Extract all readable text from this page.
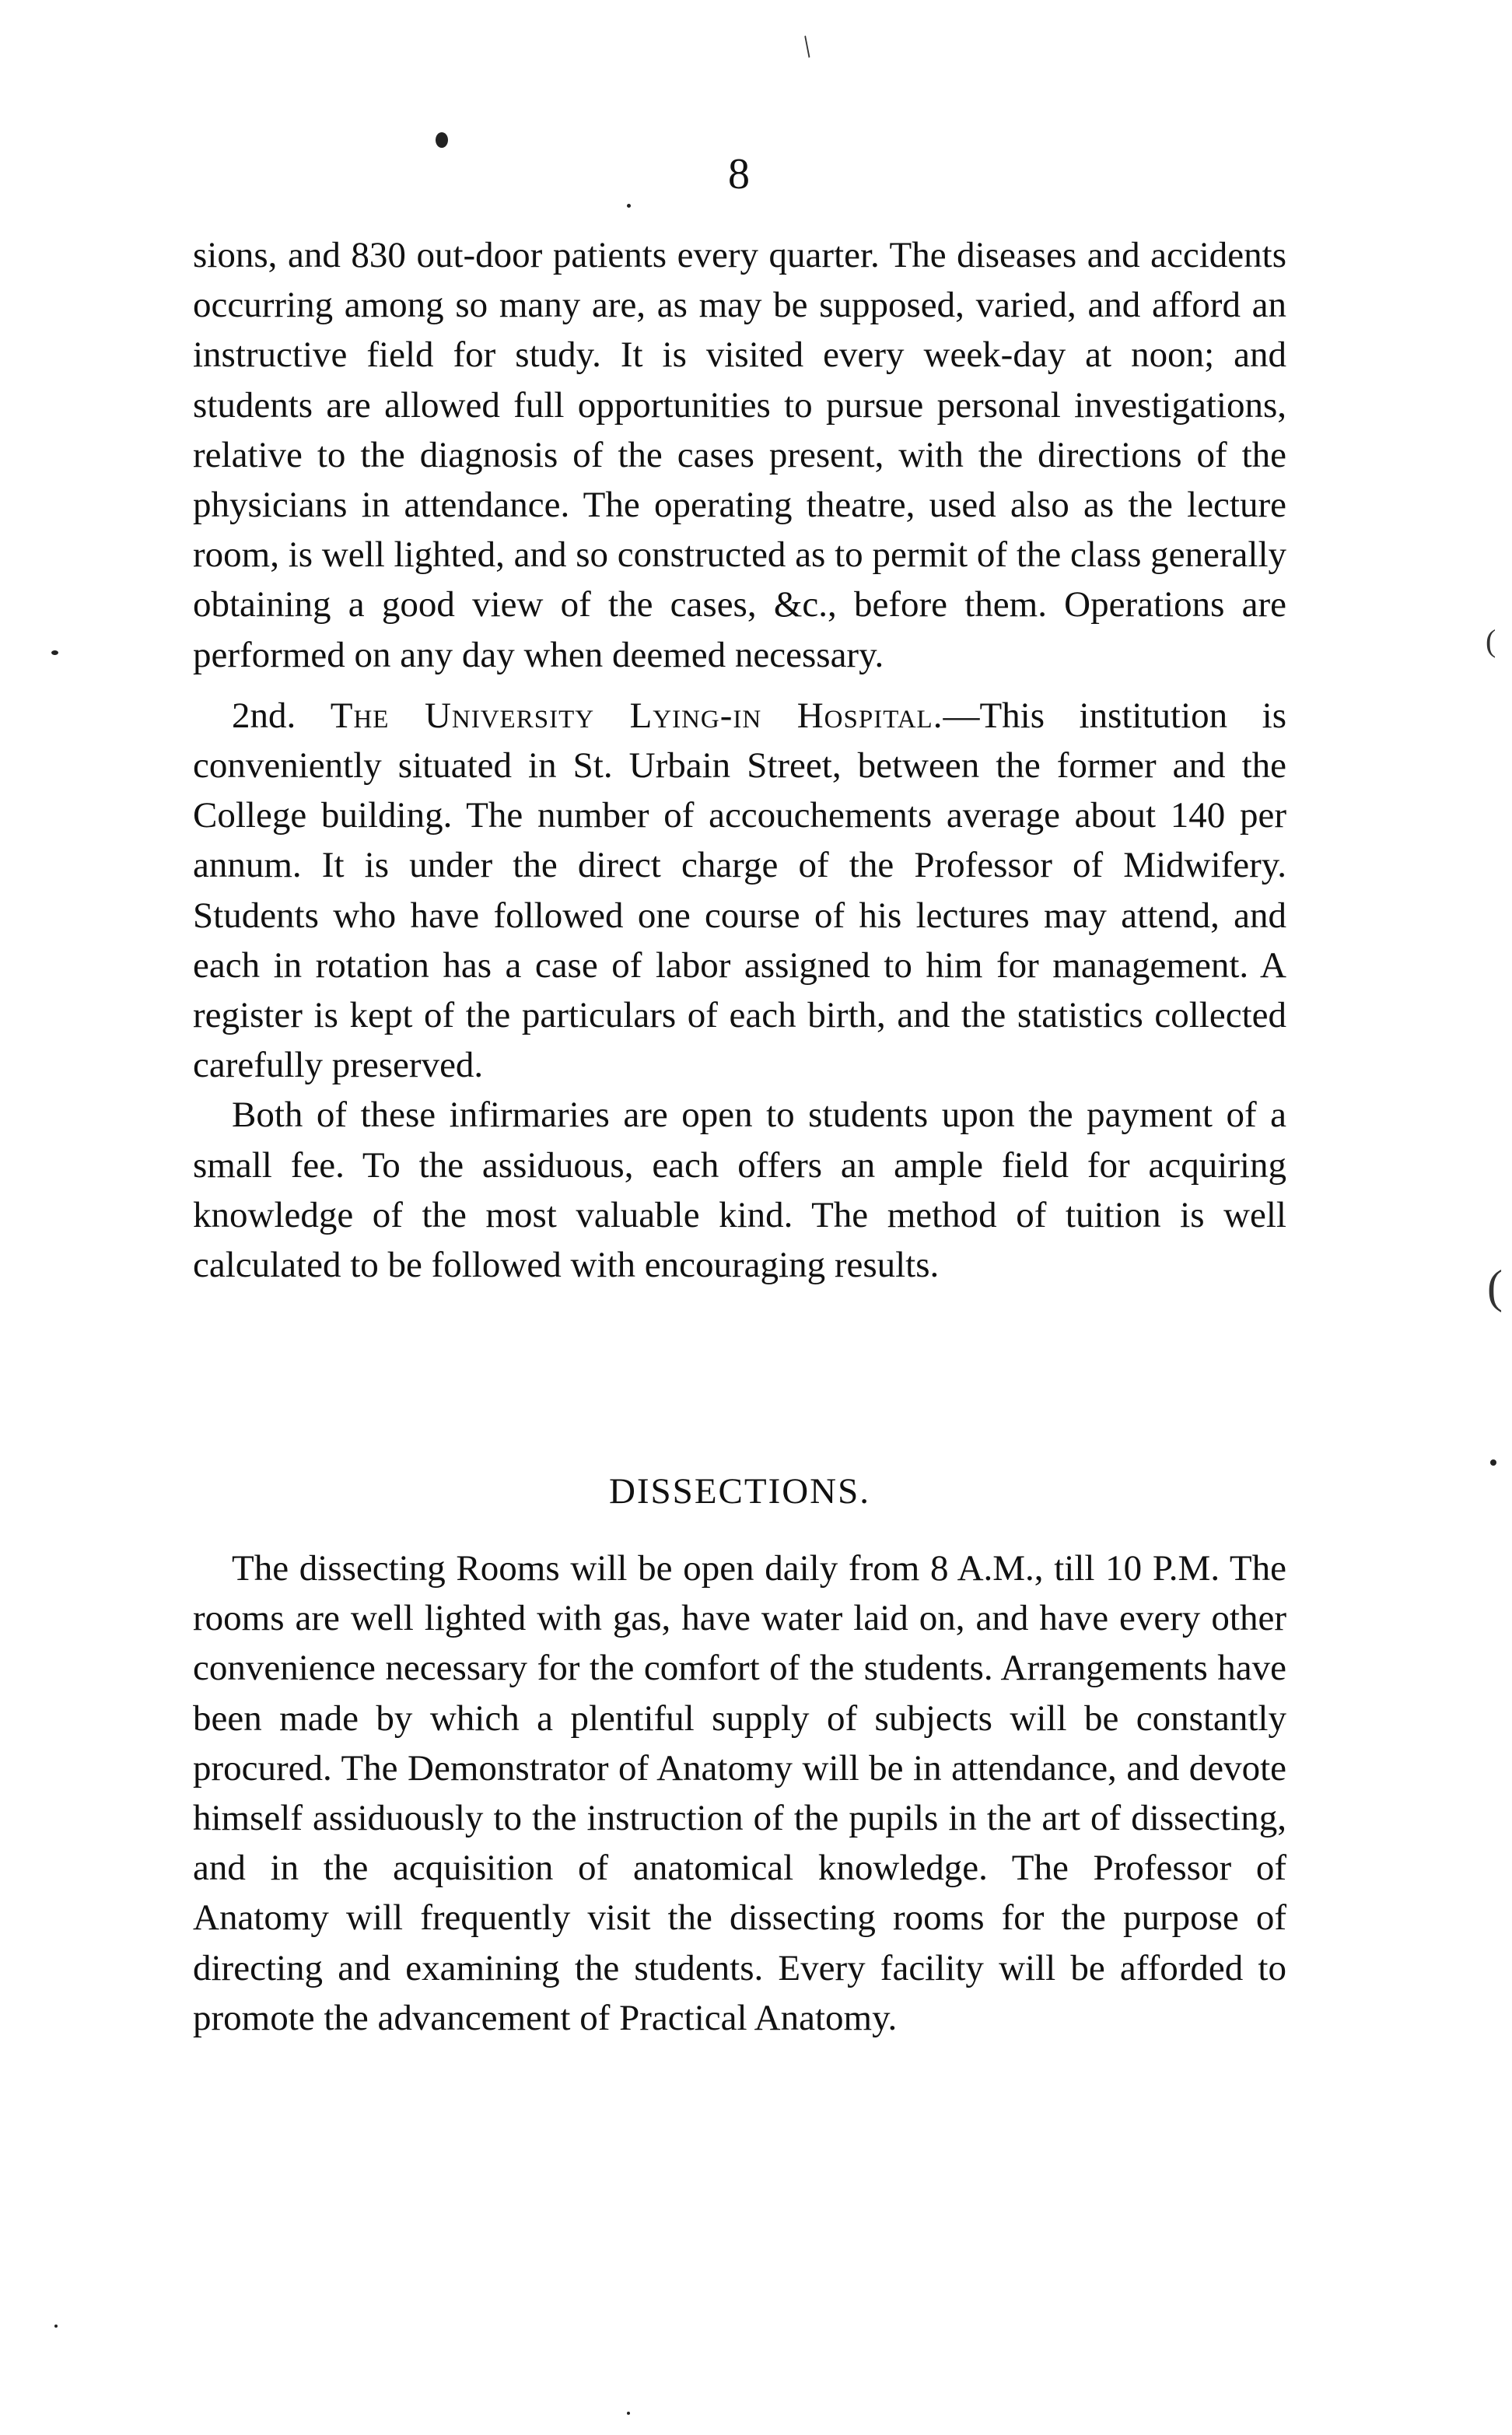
/
(
(
8

sions, and 830 out-door patients every quarter. The diseases and accidents occurring among so many are, as may be supposed, varied, and afford an instructive field for study. It is visited every week-day at noon; and students are allowed full opportunities to pursue personal investigations, relative to the diagnosis of the cases present, with the directions of the physicians in attendance. The operating theatre, used also as the lecture room, is well lighted, and so constructed as to permit of the class generally obtaining a good view of the cases, &c., before them. Operations are performed on any day when deemed necessary.

2nd. The University Lying-in Hospital.—This institution is conveniently situated in St. Urbain Street, between the former and the College building. The number of accouchements average about 140 per annum. It is under the direct charge of the Professor of Midwifery. Students who have followed one course of his lectures may attend, and each in rotation has a case of labor assigned to him for management. A register is kept of the particulars of each birth, and the statistics collected carefully preserved.

Both of these infirmaries are open to students upon the payment of a small fee. To the assiduous, each offers an ample field for acquiring knowledge of the most valuable kind. The method of tuition is well calculated to be followed with encouraging results.

DISSECTIONS.

The dissecting Rooms will be open daily from 8 A.M., till 10 P.M. The rooms are well lighted with gas, have water laid on, and have every other convenience necessary for the comfort of the students. Arrangements have been made by which a plentiful supply of subjects will be constantly procured. The Demonstrator of Anatomy will be in attendance, and devote himself assiduously to the instruction of the pupils in the art of dissecting, and in the acquisition of anatomical knowledge. The Professor of Anatomy will frequently visit the dissecting rooms for the purpose of directing and examining the students. Every facility will be afforded to promote the advancement of Practical Anatomy.
